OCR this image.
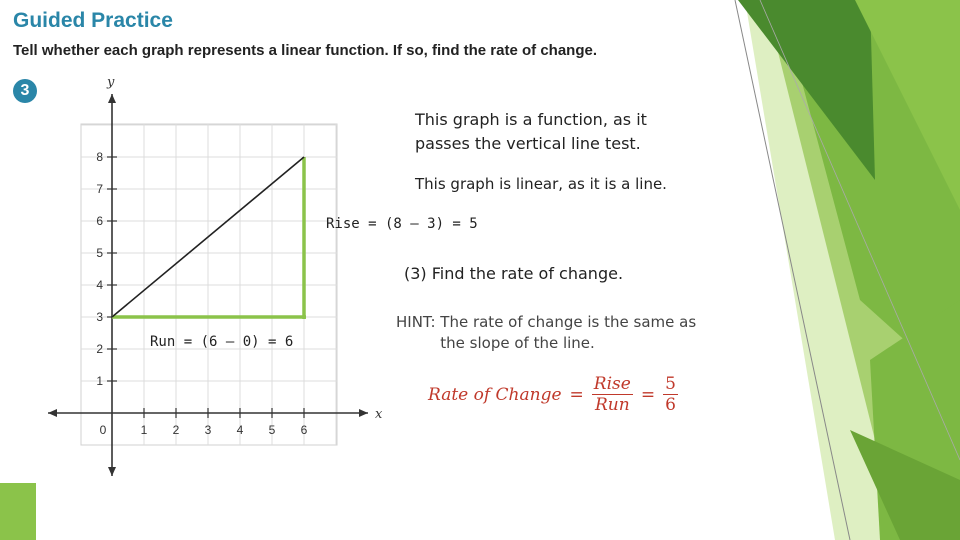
Guided Practice

Tell whether each graph represents a linear function. If so, find the rate of change.

3
0	1 2 3 4 5 6
1
2
3
4
5
6
7
8
x
y

This graph is a function, as it passes the vertical line test.

This graph is linear, as it is a line.

Rise = (8 – 3) = 5

(3) Find the rate of change.

HINT: The rate of change is the same as the slope of the line.

Run = (6 – 0) = 6

Rate of Change = $\frac{\text{Rise}}{\text{Run}} = \frac{5}{6}$
